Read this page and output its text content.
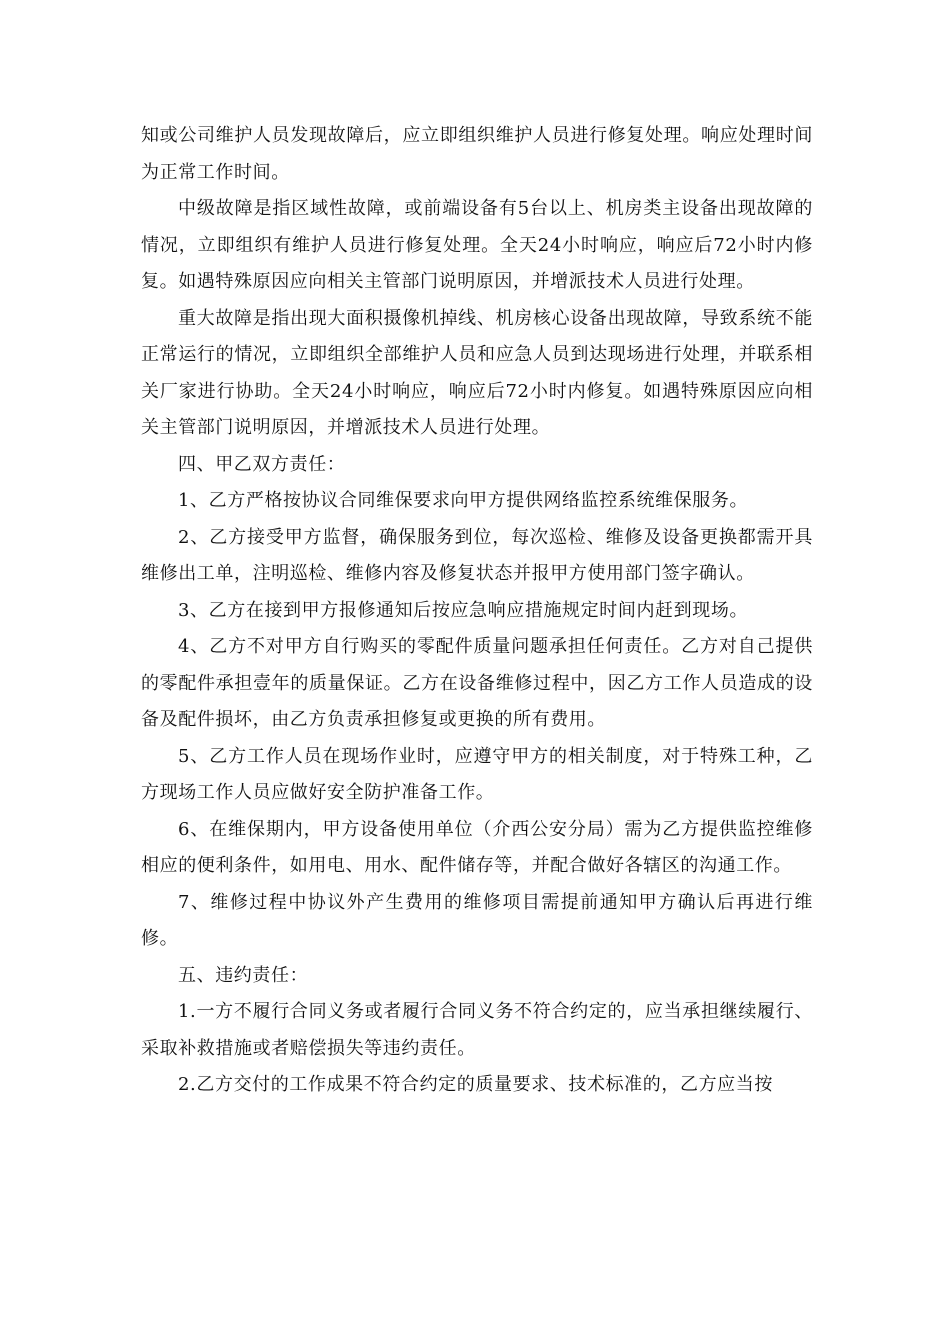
知或公司维护人员发现故障后，应立即组织维护人员进行修复处理。响应处理时间为正常工作时间。

中级故障是指区域性故障，或前端设备有5台以上、机房类主设备出现故障的情况，立即组织有维护人员进行修复处理。全天24小时响应，响应后72小时内修复。如遇特殊原因应向相关主管部门说明原因，并增派技术人员进行处理。

重大故障是指出现大面积摄像机掉线、机房核心设备出现故障，导致系统不能正常运行的情况，立即组织全部维护人员和应急人员到达现场进行处理，并联系相关厂家进行协助。全天24小时响应，响应后72小时内修复。如遇特殊原因应向相关主管部门说明原因，并增派技术人员进行处理。

四、甲乙双方责任：

1、乙方严格按协议合同维保要求向甲方提供网络监控系统维保服务。

2、乙方接受甲方监督，确保服务到位，每次巡检、维修及设备更换都需开具维修出工单，注明巡检、维修内容及修复状态并报甲方使用部门签字确认。

3、乙方在接到甲方报修通知后按应急响应措施规定时间内赶到现场。

4、乙方不对甲方自行购买的零配件质量问题承担任何责任。乙方对自己提供的零配件承担壹年的质量保证。乙方在设备维修过程中，因乙方工作人员造成的设备及配件损坏，由乙方负责承担修复或更换的所有费用。

5、乙方工作人员在现场作业时，应遵守甲方的相关制度，对于特殊工种，乙方现场工作人员应做好安全防护准备工作。

6、在维保期内，甲方设备使用单位（介西公安分局）需为乙方提供监控维修相应的便利条件，如用电、用水、配件储存等，并配合做好各辖区的沟通工作。

7、维修过程中协议外产生费用的维修项目需提前通知甲方确认后再进行维修。

五、违约责任：

1.一方不履行合同义务或者履行合同义务不符合约定的，应当承担继续履行、采取补救措施或者赔偿损失等违约责任。

2.乙方交付的工作成果不符合约定的质量要求、技术标准的，乙方应当按
